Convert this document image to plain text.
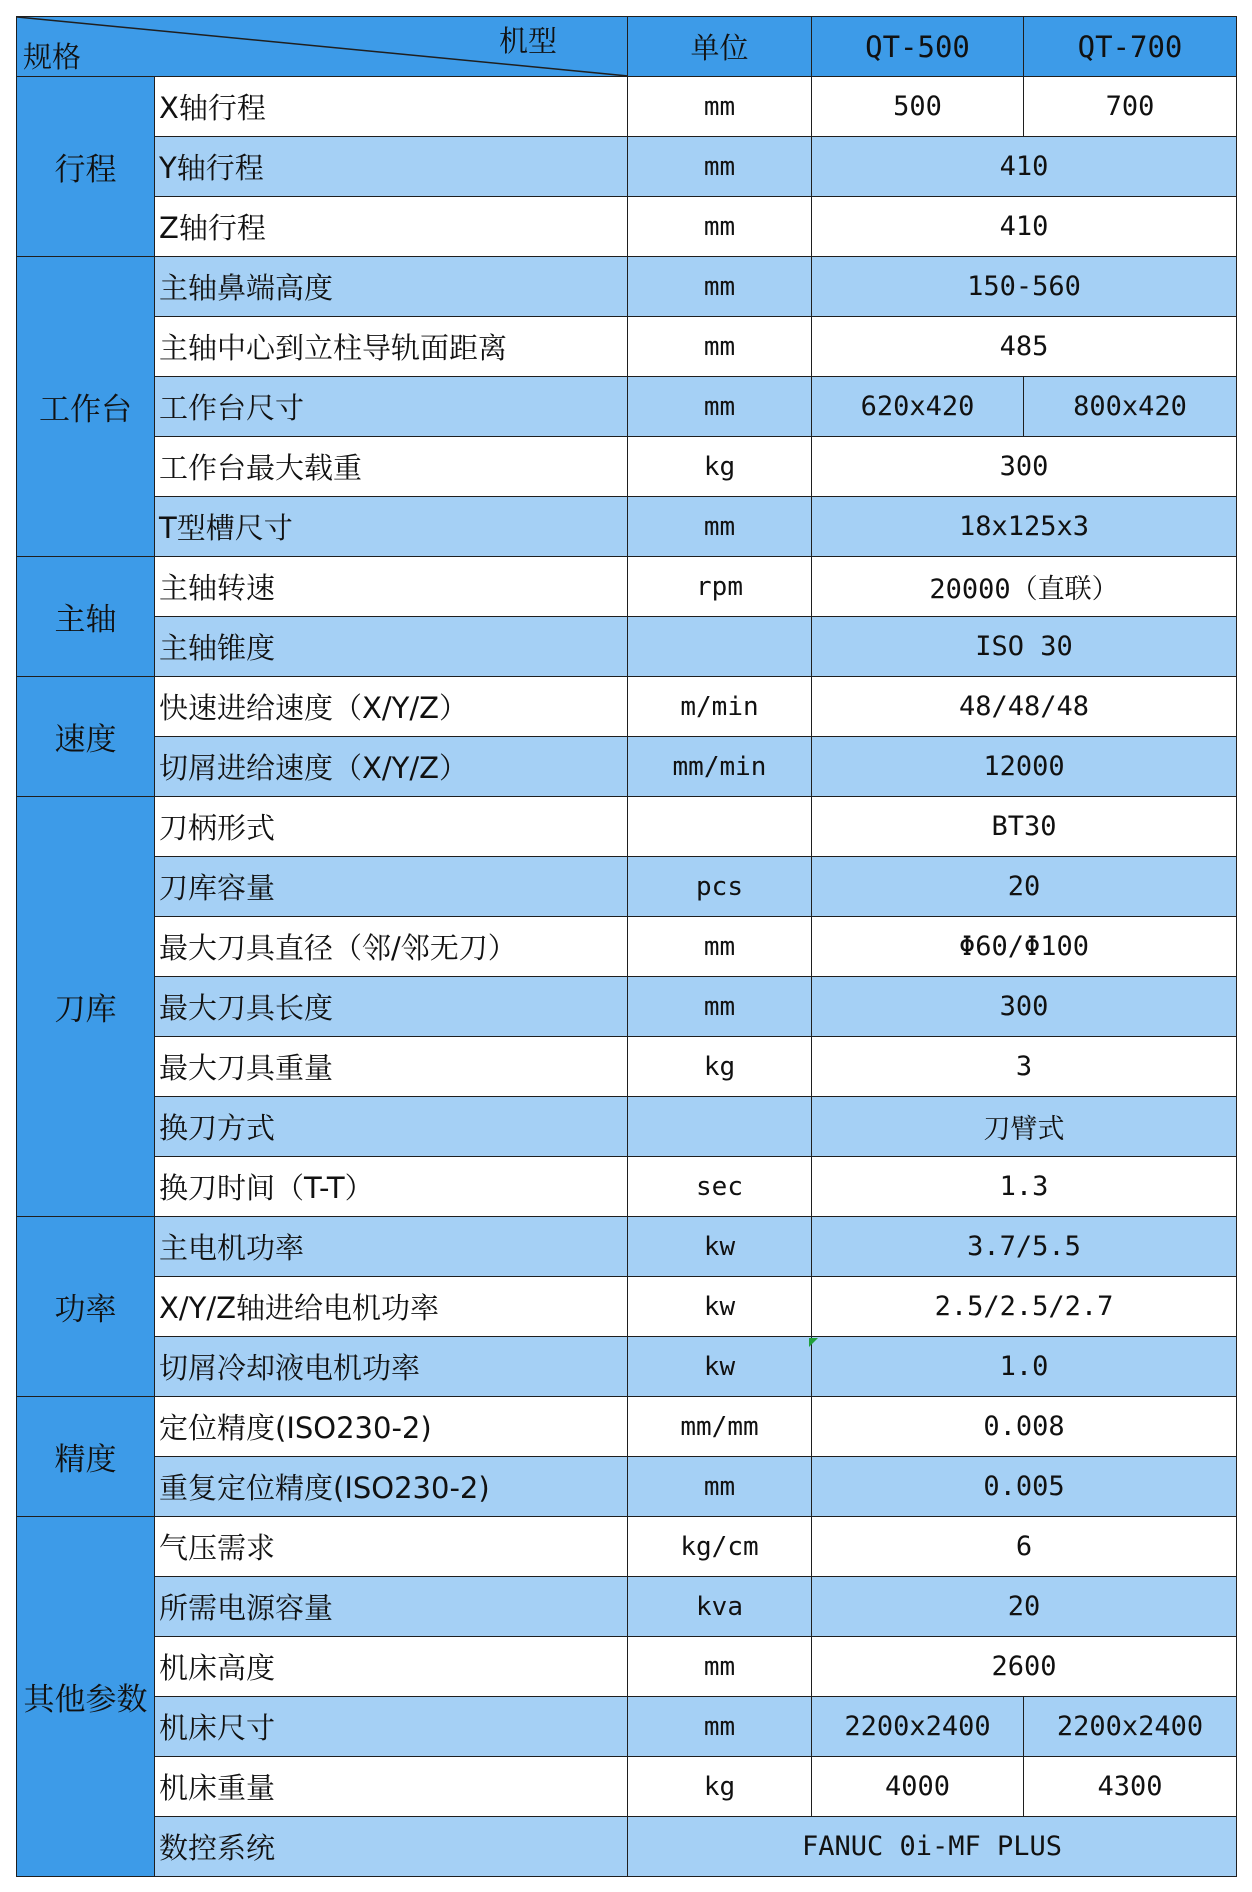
机型
规格		单位	QT-500	QT-700
行程	X轴行程	mm	500	700
	Y轴行程	mm	410	
	Z轴行程	mm	410	
工作台	主轴鼻端高度	mm	150-560	
	主轴中心到立柱导轨面距离	mm	485	
	工作台尺寸	mm	620x420	800x420
	工作台最大载重	kg	300	
	T型槽尺寸	mm	18x125x3	
主轴	主轴转速	rpm	20000（直联）	
	主轴锥度		ISO 30	
速度	快速进给速度（X/Y/Z）	m/min	48/48/48	
	切屑进给速度（X/Y/Z）	mm/min	12000	
刀库	刀柄形式		BT30	
	刀库容量	pcs	20	
	最大刀具直径（邻/邻无刀）	mm	Φ60/Φ100	
	最大刀具长度	mm	300	
	最大刀具重量	kg	3	
	换刀方式		刀臂式	
	换刀时间（T-T）	sec	1.3	
功率	主电机功率	kw	3.7/5.5	
	X/Y/Z轴进给电机功率	kw	2.5/2.5/2.7	
	切屑冷却液电机功率	kw	1.0	
精度	定位精度(ISO230-2)	mm/mm	0.008	
	重复定位精度(ISO230-2)	mm	0.005	
其他参数	气压需求	kg/cm	6	
	所需电源容量	kva	20	
	机床高度	mm	2600	
	机床尺寸	mm	2200x2400	2200x2400
	机床重量	kg	4000	4300
	数控系统	FANUC 0i-MF PLUS		
